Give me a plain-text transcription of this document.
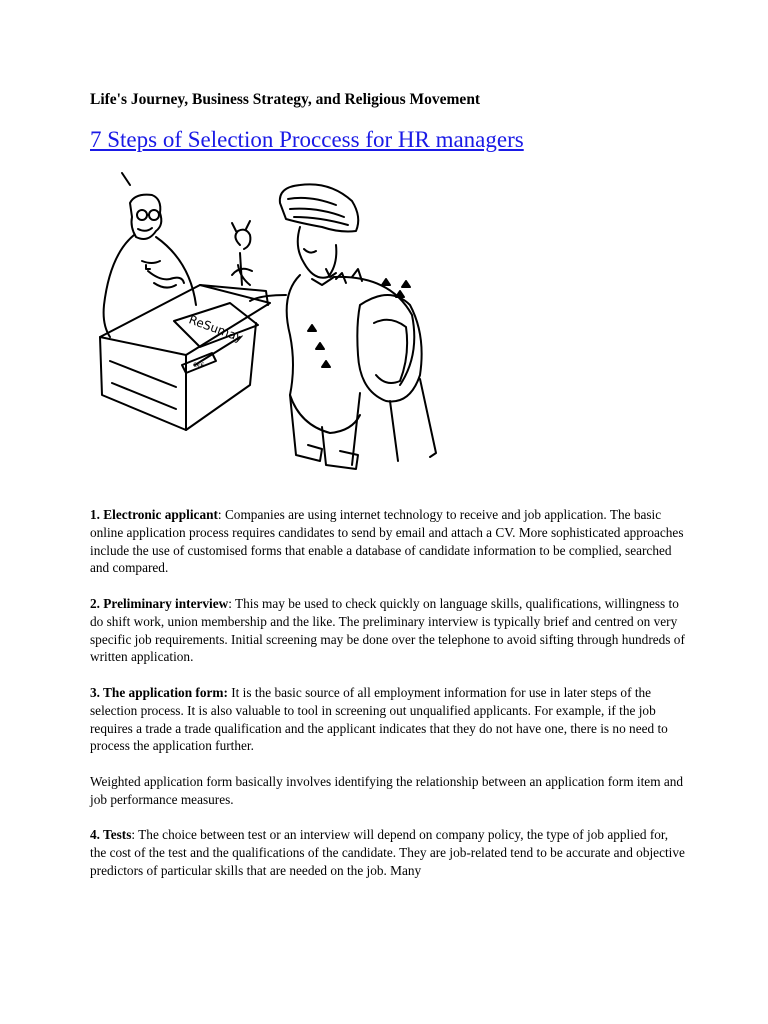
Life's Journey, Business Strategy, and Religious Movement
7 Steps of Selection Proccess for HR managers
€€€
ReSumay

1. Electronic applicant: Companies are using internet technology to receive and job application. The basic online application process requires candidates to send by email and attach a CV. More sophisticated approaches include the use of customised forms that enable a database of candidate information to be complied, searched and compared.

2. Preliminary interview: This may be used to check quickly on language skills, qualifications, willingness to do shift work, union membership and the like. The preliminary interview is typically brief and centred on very specific job requirements. Initial screening may be done over the telephone to avoid sifting through hundreds of written application.

3. The application form: It is the basic source of all employment information for use in later steps of the selection process. It is also valuable to tool in screening out unqualified applicants. For example, if the job requires a trade a trade qualification and the applicant indicates that they do not have one, there is no need to process the application further.

Weighted application form basically involves identifying the relationship between an application form item and job performance measures.

4. Tests: The choice between test or an interview will depend on company policy, the type of job applied for, the cost of the test and the qualifications of the candidate. They are job-related tend to be accurate and objective predictors of particular skills that are needed on the job. Many
